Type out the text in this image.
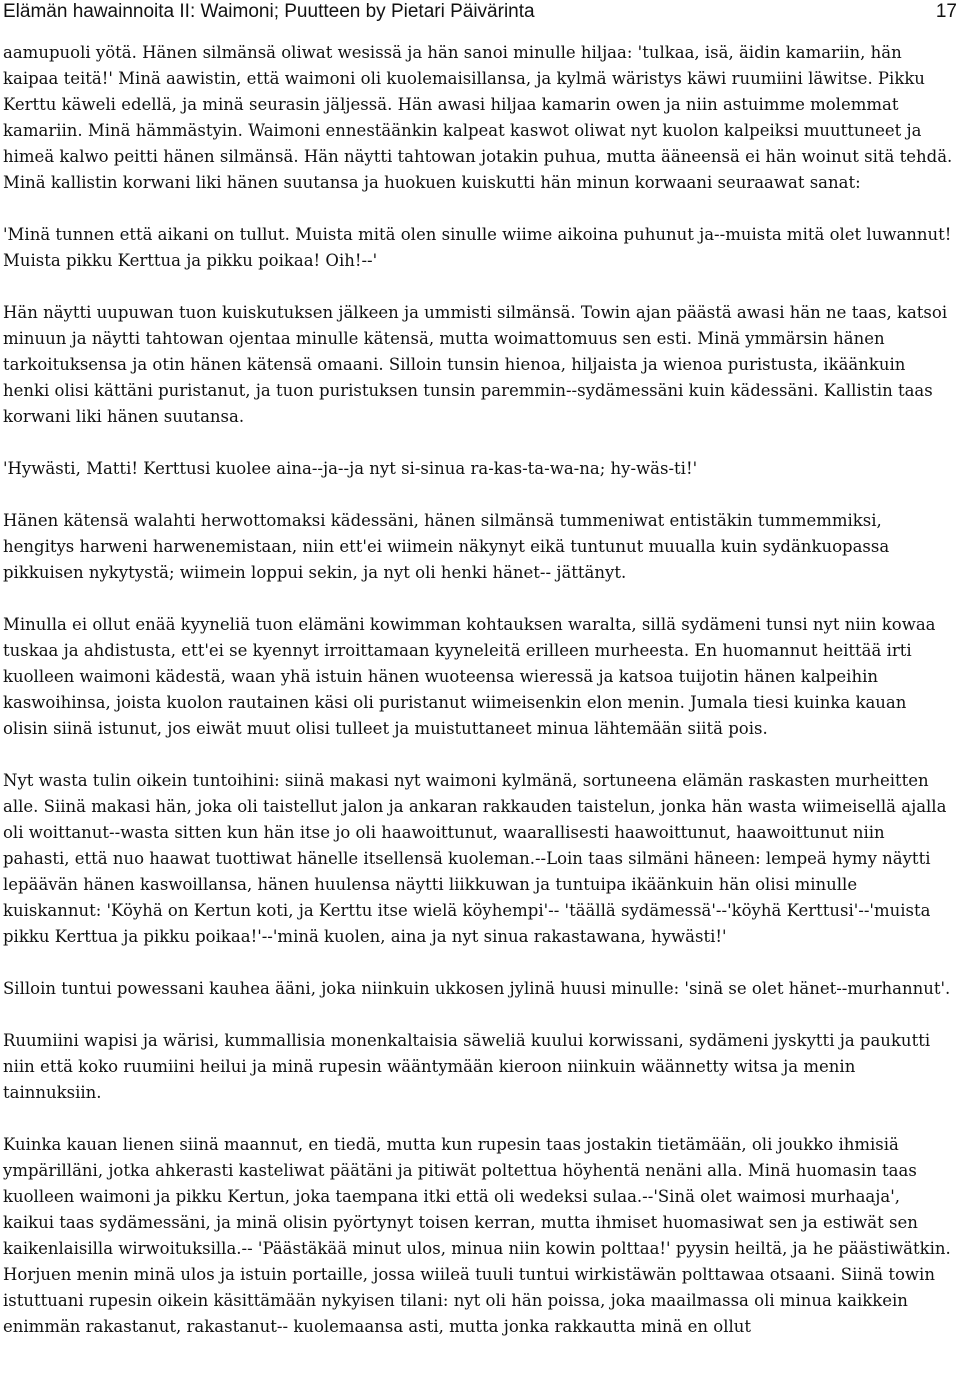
Elämän hawainnoita II: Waimoni; Puutteen by Pietari Päivärinta	17

aamupuoli yötä. Hänen silmänsä oliwat wesissä ja hän sanoi minulle hiljaa: 'tulkaa, isä, äidin kamariin, hän kaipaa teitä!' Minä aawistin, että waimoni oli kuolemaisillansa, ja kylmä wäristys käwi ruumiini läwitse. Pikku Kerttu käweli edellä, ja minä seurasin jäljessä. Hän awasi hiljaa kamarin owen ja niin astuimme molemmat kamariin. Minä hämmästyin. Waimoni ennestäänkin kalpeat kaswot oliwat nyt kuolon kalpeiksi muuttuneet ja himeä kalwo peitti hänen silmänsä. Hän näytti tahtowan jotakin puhua, mutta ääneensä ei hän woinut sitä tehdä. Minä kallistin korwani liki hänen suutansa ja huokuen kuiskutti hän minun korwaani seuraawat sanat:

'Minä tunnen että aikani on tullut. Muista mitä olen sinulle wiime aikoina puhunut ja--muista mitä olet luwannut! Muista pikku Kerttua ja pikku poikaa! Oih!--'

Hän näytti uupuwan tuon kuiskutuksen jälkeen ja ummisti silmänsä. Towin ajan päästä awasi hän ne taas, katsoi minuun ja näytti tahtowan ojentaa minulle kätensä, mutta woimattomuus sen esti. Minä ymmärsin hänen tarkoituksensa ja otin hänen kätensä omaani. Silloin tunsin hienoa, hiljaista ja wienoa puristusta, ikäänkuin henki olisi kättäni puristanut, ja tuon puristuksen tunsin paremmin--sydämessäni kuin kädessäni. Kallistin taas korwani liki hänen suutansa.

'Hywästi, Matti! Kerttusi kuolee aina--ja--ja nyt si-sinua ra-kas-ta-wa-na; hy-wäs-ti!'

Hänen kätensä walahti herwottomaksi kädessäni, hänen silmänsä tummeniwat entistäkin tummemmiksi, hengitys harweni harwenemistaan, niin ett'ei wiimein näkynyt eikä tuntunut muualla kuin sydänkuopassa pikkuisen nykytystä; wiimein loppui sekin, ja nyt oli henki hänet-- jättänyt.

Minulla ei ollut enää kyyneliä tuon elämäni kowimman kohtauksen waralta, sillä sydämeni tunsi nyt niin kowaa tuskaa ja ahdistusta, ett'ei se kyennyt irroittamaan kyyneleitä erilleen murheesta. En huomannut heittää irti kuolleen waimoni kädestä, waan yhä istuin hänen wuoteensa wieressä ja katsoa tuijotin hänen kalpeihin kaswoihinsa, joista kuolon rautainen käsi oli puristanut wiimeisenkin elon menin. Jumala tiesi kuinka kauan olisin siinä istunut, jos eiwät muut olisi tulleet ja muistuttaneet minua lähtemään siitä pois.

Nyt wasta tulin oikein tuntoihini: siinä makasi nyt waimoni kylmänä, sortuneena elämän raskasten murheitten alle. Siinä makasi hän, joka oli taistellut jalon ja ankaran rakkauden taistelun, jonka hän wasta wiimeisellä ajalla oli woittanut--wasta sitten kun hän itse jo oli haawoittunut, waarallisesti haawoittunut, haawoittunut niin pahasti, että nuo haawat tuottiwat hänelle itsellensä kuoleman.--Loin taas silmäni häneen: lempeä hymy näytti lepäävän hänen kaswoillansa, hänen huulensa näytti liikkuwan ja tuntuipa ikäänkuin hän olisi minulle kuiskannut: 'Köyhä on Kertun koti, ja Kerttu itse wielä köyhempi'-- 'täällä sydämessä'--'köyhä Kerttusi'--'muista pikku Kerttua ja pikku poikaa!'--'minä kuolen, aina ja nyt sinua rakastawana, hywästi!'

Silloin tuntui powessani kauhea ääni, joka niinkuin ukkosen jylinä huusi minulle: 'sinä se olet hänet--murhannut'.

Ruumiini wapisi ja wärisi, kummallisia monenkaltaisia säweliä kuului korwissani, sydämeni jyskytti ja paukutti niin että koko ruumiini heilui ja minä rupesin wääntymään kieroon niinkuin wäännetty witsa ja menin tainnuksiin.

Kuinka kauan lienen siinä maannut, en tiedä, mutta kun rupesin taas jostakin tietämään, oli joukko ihmisiä ympärilläni, jotka ahkerasti kasteliwat päätäni ja pitiwät poltettua höyhentä nenäni alla. Minä huomasin taas kuolleen waimoni ja pikku Kertun, joka taempana itki että oli wedeksi sulaa.--'Sinä olet waimosi murhaaja', kaikui taas sydämessäni, ja minä olisin pyörtynyt toisen kerran, mutta ihmiset huomasiwat sen ja estiwät sen kaikenlaisilla wirwoituksilla.-- 'Päästäkää minut ulos, minua niin kowin polttaa!' pyysin heiltä, ja he päästiwätkin. Horjuen menin minä ulos ja istuin portaille, jossa wiileä tuuli tuntui wirkistäwän polttawaa otsaani. Siinä towin istuttuani rupesin oikein käsittämään nykyisen tilani: nyt oli hän poissa, joka maailmassa oli minua kaikkein enimmän rakastanut, rakastanut-- kuolemaansa asti, mutta jonka rakkautta minä en ollut
